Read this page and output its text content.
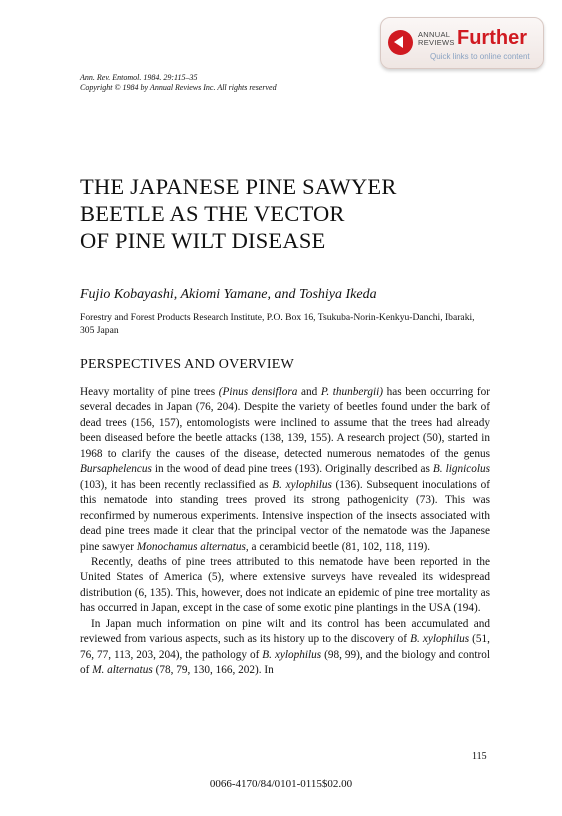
ANNUAL
REVIEWS Further
Quick links to online content
Ann. Rev. Entomol. 1984. 29:115–35
Copyright © 1984 by Annual Reviews Inc. All rights reserved
THE JAPANESE PINE SAWYER
BEETLE AS THE VECTOR
OF PINE WILT DISEASE
Fujio Kobayashi, Akiomi Yamane, and Toshiya Ikeda
Forestry and Forest Products Research Institute, P.O. Box 16, Tsukuba-Norin-Kenkyu-Danchi, Ibaraki, 305 Japan
PERSPECTIVES AND OVERVIEW

Heavy mortality of pine trees (Pinus densiflora and P. thunbergii) has been occurring for several decades in Japan (76, 204). Despite the variety of beetles found under the bark of dead trees (156, 157), entomologists were inclined to assume that the trees had already been diseased before the beetle attacks (138, 139, 155). A research project (50), started in 1968 to clarify the causes of the disease, detected numerous nematodes of the genus Bursaphelencus in the wood of dead pine trees (193). Originally described as B. lignicolus (103), it has been recently reclassified as B. xylophilus (136). Subsequent inoculations of this nematode into standing trees proved its strong pathogenicity (73). This was reconfirmed by numerous experiments. Intensive inspection of the insects associated with dead pine trees made it clear that the principal vector of the nematode was the Japanese pine sawyer Monochamus alternatus, a cerambicid beetle (81, 102, 118, 119).

Recently, deaths of pine trees attributed to this nematode have been reported in the United States of America (5), where extensive surveys have revealed its widespread distribution (6, 135). This, however, does not indicate an epidemic of pine tree mortality as has occurred in Japan, except in the case of some exotic pine plantings in the USA (194).

In Japan much information on pine wilt and its control has been accumulated and reviewed from various aspects, such as its history up to the discovery of B. xylophilus (51, 76, 77, 113, 203, 204), the pathology of B. xylophilus (98, 99), and the biology and control of M. alternatus (78, 79, 130, 166, 202). In

115
0066-4170/84/0101-0115$02.00
